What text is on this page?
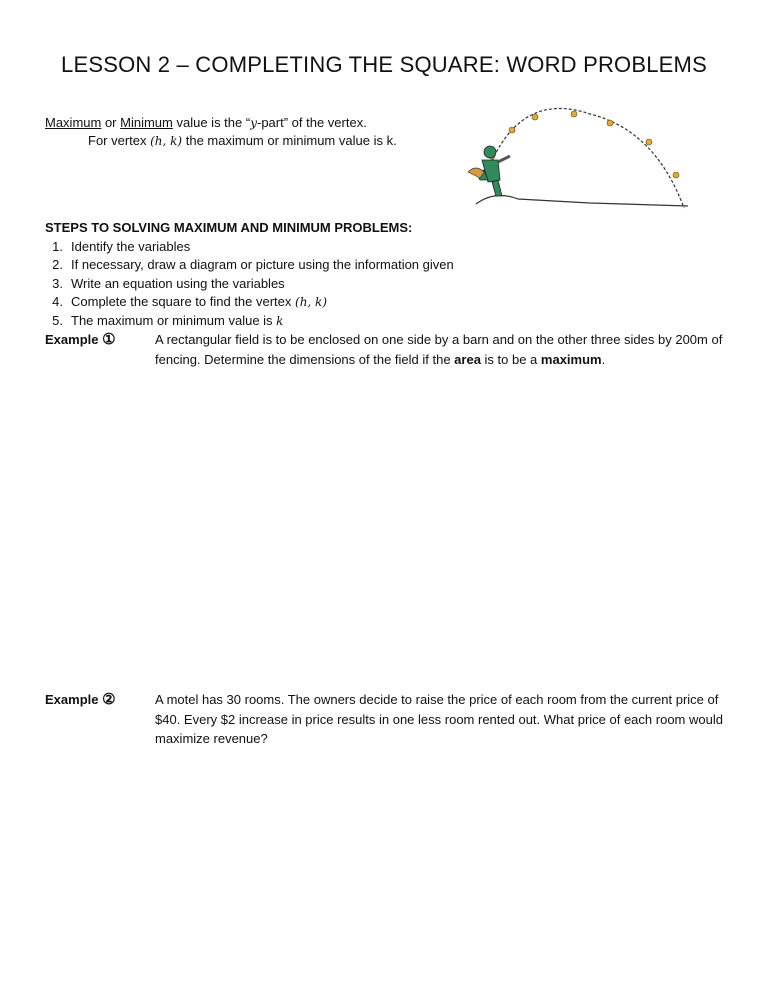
LESSON 2 – COMPLETING THE SQUARE: WORD PROBLEMS
Maximum or Minimum value is the “y-part” of the vertex.
For vertex (h, k) the maximum or minimum value is k.
STEPS TO SOLVING MAXIMUM AND MINIMUM PROBLEMS:
1. Identify the variables
2. If necessary, draw a diagram or picture using the information given
3. Write an equation using the variables
4. Complete the square to find the vertex (h, k)
5. The maximum or minimum value is k
Example ①	A rectangular field is to be enclosed on one side by a barn and on the other three sides by 200m of fencing. Determine the dimensions of the field if the area is to be a maximum.
Example ②	A motel has 30 rooms. The owners decide to raise the price of each room from the current price of $40. Every $2 increase in price results in one less room rented out. What price of each room would maximize revenue?
